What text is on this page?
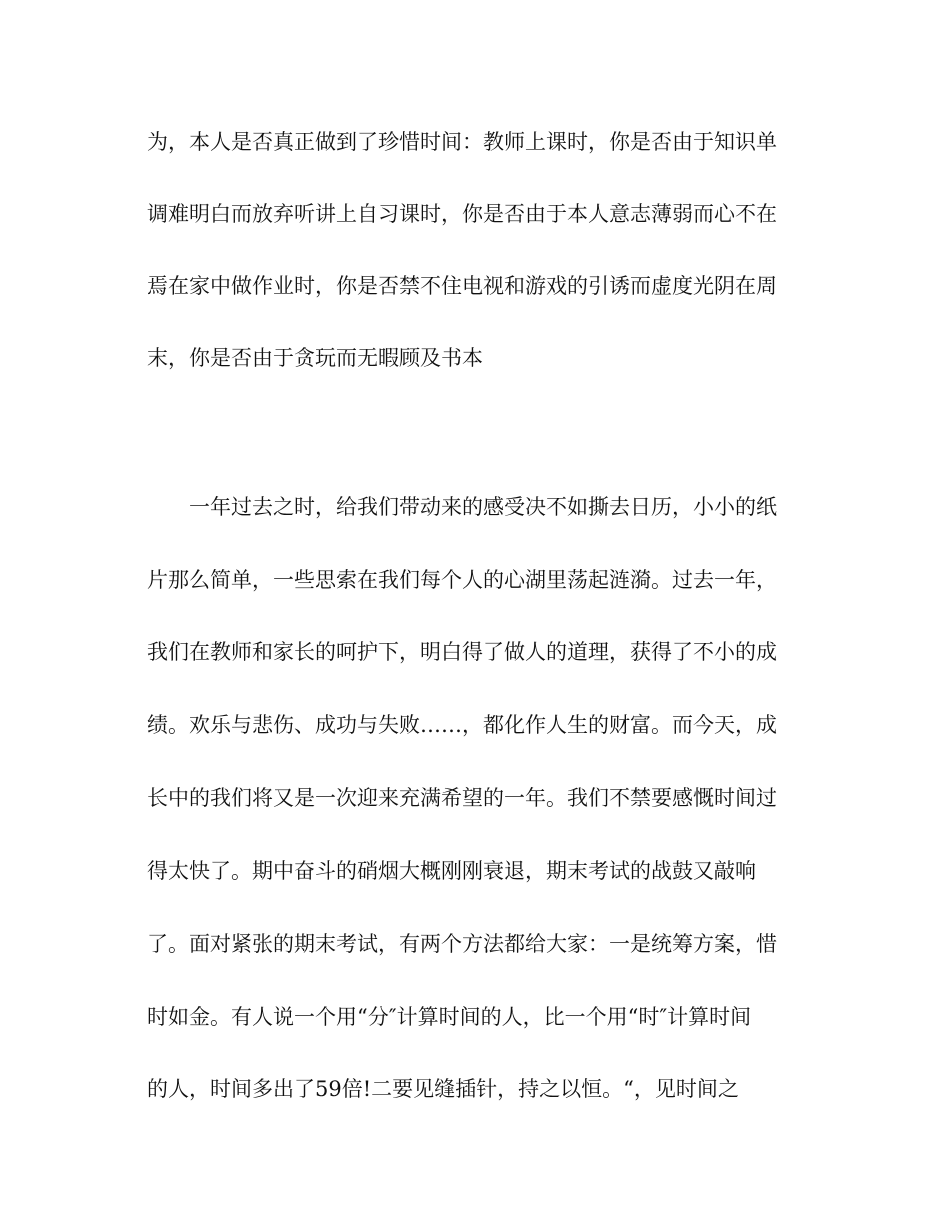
为，本人是否真正做到了珍惜时间：教师上课时，你是否由于知识单
调难明白而放弃听讲上自习课时，你是否由于本人意志薄弱而心不在
焉在家中做作业时，你是否禁不住电视和游戏的引诱而虚度光阴在周
末，你是否由于贪玩而无暇顾及书本
一年过去之时，给我们带动来的感受决不如撕去日历，小小的纸
片那么简单，一些思索在我们每个人的心湖里荡起涟漪。过去一年，
我们在教师和家长的呵护下，明白得了做人的道理，获得了不小的成
绩。欢乐与悲伤、成功与失败……，都化作人生的财富。而今天，成
长中的我们将又是一次迎来充满希望的一年。我们不禁要感慨时间过
得太快了。期中奋斗的硝烟大概刚刚衰退，期末考试的战鼓又敲响
了。面对紧张的期末考试，有两个方法都给大家：一是统筹方案，惜
时如金。有人说一个用“分″计算时间的人，比一个用“时″计算时间
的人，时间多出了59倍!二要见缝插针，持之以恒。“，见时间之
